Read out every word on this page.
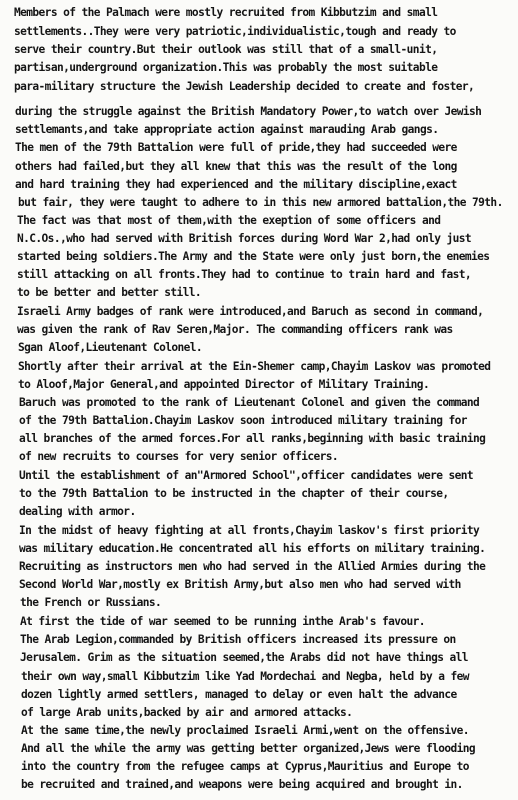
Members of the Palmach were mostly recruited from Kibbutzim and small

settlements..They were very patriotic,individualistic,tough and ready to

serve their country.But their outlook was still that of a small-unit,

partisan,underground organization.This was probably the most suitable

para-military structure the Jewish Leadership decided to create and foster,

during the struggle against the British Mandatory Power,to watch over Jewish

settlemants,and take appropriate action against marauding Arab gangs.

The men of the 79th Battalion were full of pride,they had succeeded were

others had failed,but they all knew that this was the result of the long

and hard training they had experienced and the military discipline,exact

but fair, they were taught to adhere to in this new armored battalion,the 79th.

The fact was that most of them,with the exeption of some officers and

N.C.Os.,who had served with British forces during Word War 2,had only just

started being soldiers.The Army and the State were only just born,the enemies

still attacking on all fronts.They had to continue to train hard and fast,

to be better and better still.

Israeli Army badges of rank were introduced,and Baruch as second in command,

was given the rank of Rav Seren,Major. The commanding officers rank was

Sgan Aloof,Lieutenant Colonel.

Shortly after their arrival at the Ein-Shemer camp,Chayim Laskov was promoted

to Aloof,Major General,and appointed Director of Military Training.

Baruch was promoted to the rank of Lieutenant Colonel and given the command

of the 79th Battalion.Chayim Laskov soon introduced military training for

all branches of the armed forces.For all ranks,beginning with basic training

of new recruits to courses for very senior officers.

Until the establishment of an"Armored School",officer candidates were sent

to the 79th Battalion to be instructed in the chapter of their course,

dealing with armor.

In the midst of heavy fighting at all fronts,Chayim laskov's first priority

was military education.He concentrated all his efforts on military training.

Recruiting as instructors men who had served in the Allied Armies during the

Second World War,mostly ex British Army,but also men who had served with

the French or Russians.

At first the tide of war seemed to be running inthe Arab's favour.

The Arab Legion,commanded by British officers increased its pressure on

Jerusalem. Grim as the situation seemed,the Arabs did not have things all

their own way,small Kibbutzim like Yad Mordechai and Negba, held by a few

dozen lightly armed settlers, managed to delay or even halt the advance

of large Arab units,backed by air and armored attacks.

At the same time,the newly proclaimed Israeli Armi,went on the offensive.

And all the while the army was getting better organized,Jews were flooding

into the country from the refugee camps at Cyprus,Mauritius and Europe to

be recruited and trained,and weapons were being acquired and brought in.
